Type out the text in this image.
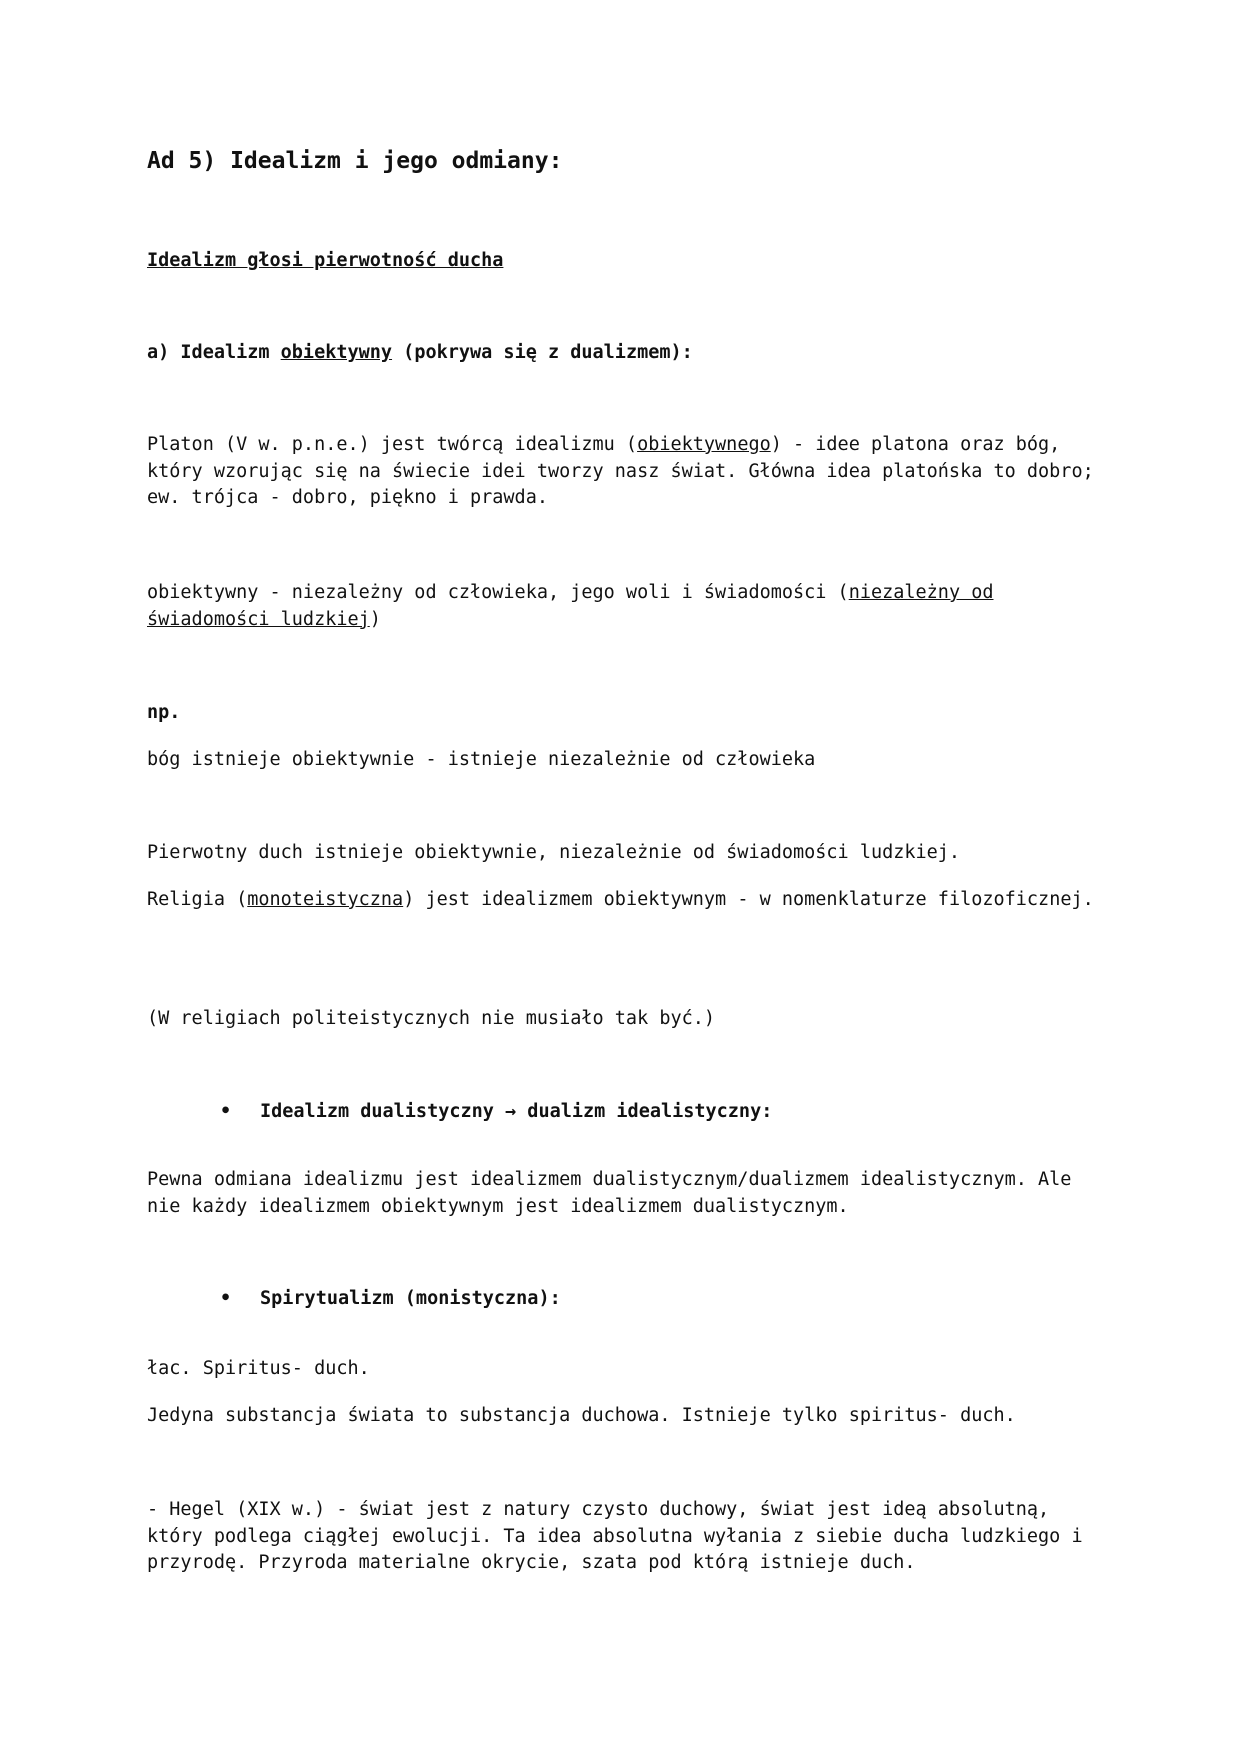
Ad 5) Idealizm i jego odmiany:
Idealizm głosi pierwotność ducha
a) Idealizm obiektywny (pokrywa się z dualizmem):
Platon (V w. p.n.e.) jest twórcą idealizmu (obiektywnego) - idee platona oraz bóg, który wzorując się na świecie idei tworzy nasz świat. Główna idea platońska to dobro; ew. trójca - dobro, piękno i prawda.
obiektywny - niezależny od człowieka, jego woli i świadomości (niezależny od świadomości ludzkiej)
np.
bóg istnieje obiektywnie - istnieje niezależnie od człowieka
Pierwotny duch istnieje obiektywnie, niezależnie od świadomości ludzkiej.
Religia (monoteistyczna) jest idealizmem obiektywnym - w nomenklaturze filozoficznej.
(W religiach politeistycznych nie musiało tak być.)
• Idealizm dualistyczny → dualizm idealistyczny:
Pewna odmiana idealizmu jest idealizmem dualistycznym/dualizmem idealistycznym. Ale nie każdy idealizmem obiektywnym jest idealizmem dualistycznym.
• Spirytualizm (monistyczna):
łac. Spiritus- duch.
Jedyna substancja świata to substancja duchowa. Istnieje tylko spiritus- duch.
- Hegel (XIX w.) - świat jest z natury czysto duchowy, świat jest ideą absolutną, który podlega ciągłej ewolucji. Ta idea absolutna wyłania z siebie ducha ludzkiego i przyrodę. Przyroda materialne okrycie, szata pod którą istnieje duch.
